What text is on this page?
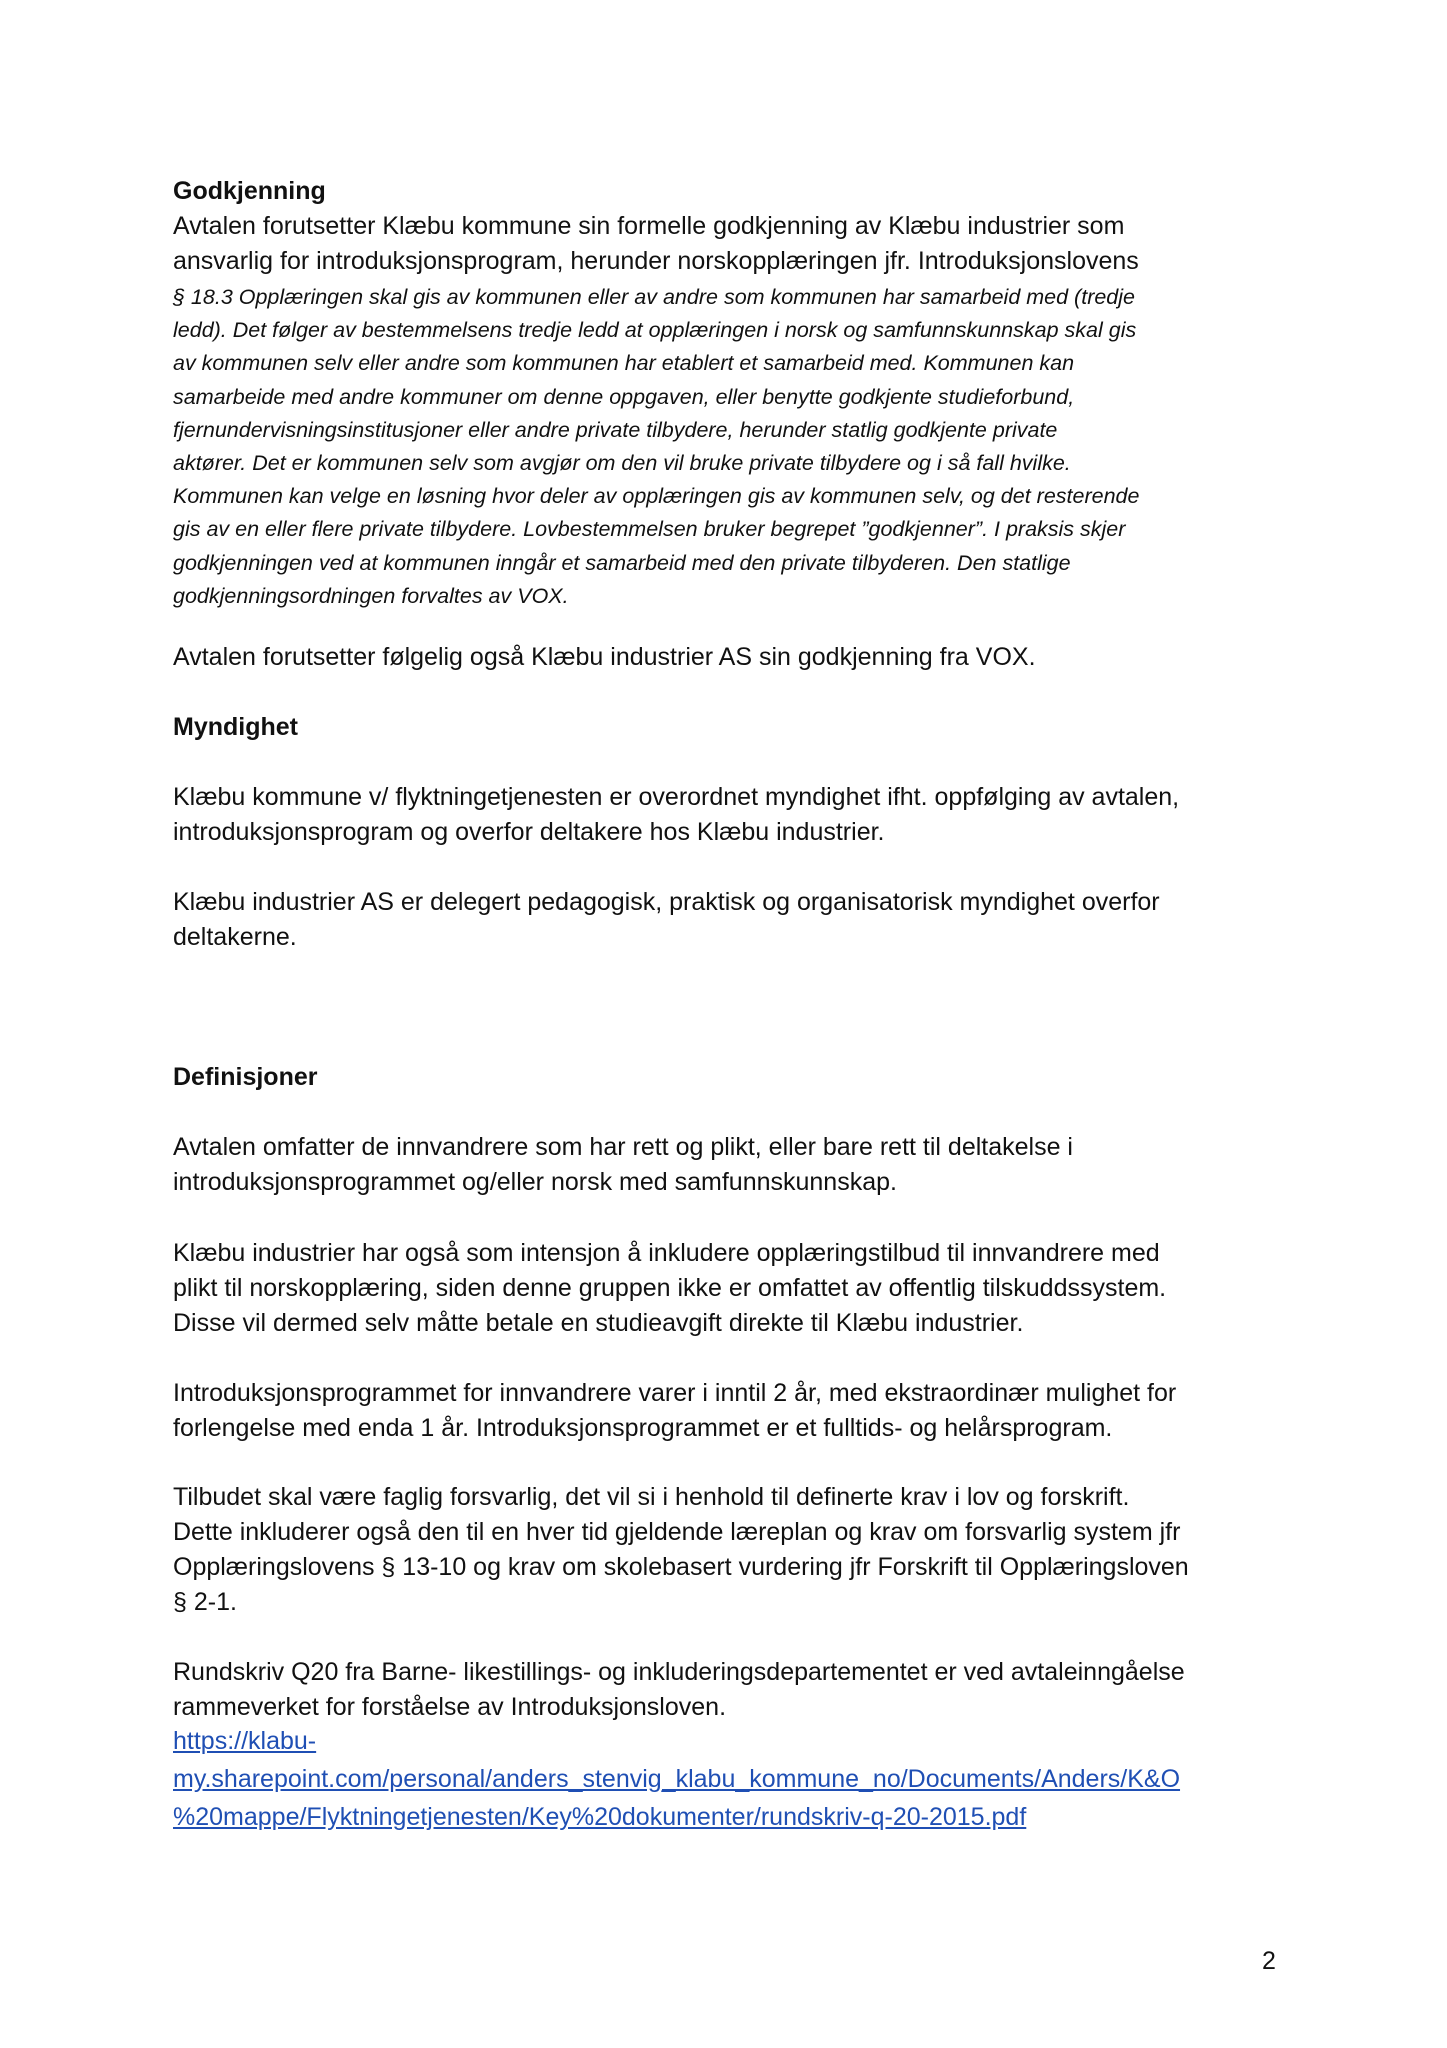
Godkjenning
Avtalen forutsetter Klæbu kommune sin formelle godkjenning av Klæbu industrier som
ansvarlig for introduksjonsprogram, herunder norskopplæringen jfr. Introduksjonslovens
§ 18.3 Opplæringen skal gis av kommunen eller av andre som kommunen har samarbeid med (tredje
ledd). Det følger av bestemmelsens tredje ledd at opplæringen i norsk og samfunnskunnskap skal gis
av kommunen selv eller andre som kommunen har etablert et samarbeid med. Kommunen kan
samarbeide med andre kommuner om denne oppgaven, eller benytte godkjente studieforbund,
fjernundervisningsinstitusjoner eller andre private tilbydere, herunder statlig godkjente private
aktører. Det er kommunen selv som avgjør om den vil bruke private tilbydere og i så fall hvilke.
Kommunen kan velge en løsning hvor deler av opplæringen gis av kommunen selv, og det resterende
gis av en eller flere private tilbydere. Lovbestemmelsen bruker begrepet ”godkjenner”. I praksis skjer
godkjenningen ved at kommunen inngår et samarbeid med den private tilbyderen. Den statlige
godkjenningsordningen forvaltes av VOX.
Avtalen forutsetter følgelig også Klæbu industrier AS sin godkjenning fra VOX.
Myndighet
Klæbu kommune v/ flyktningetjenesten er overordnet myndighet ifht. oppfølging av avtalen,
introduksjonsprogram og overfor deltakere hos Klæbu industrier.
Klæbu industrier AS er delegert pedagogisk, praktisk og organisatorisk myndighet overfor
deltakerne.
Definisjoner
Avtalen omfatter de innvandrere som har rett og plikt, eller bare rett til deltakelse i
introduksjonsprogrammet og/eller norsk med samfunnskunnskap.
Klæbu industrier har også som intensjon å inkludere opplæringstilbud til innvandrere med
plikt til norskopplæring, siden denne gruppen ikke er omfattet av offentlig tilskuddssystem.
Disse vil dermed selv måtte betale en studieavgift direkte til Klæbu industrier.
Introduksjonsprogrammet for innvandrere varer i inntil 2 år, med ekstraordinær mulighet for
forlengelse med enda 1 år. Introduksjonsprogrammet er et fulltids- og helårsprogram.
Tilbudet skal være faglig forsvarlig, det vil si i henhold til definerte krav i lov og forskrift.
Dette inkluderer også den til en hver tid gjeldende læreplan og krav om forsvarlig system jfr
Opplæringslovens § 13-10 og krav om skolebasert vurdering jfr Forskrift til Opplæringsloven
§ 2-1.
Rundskriv Q20 fra Barne- likestillings- og inkluderingsdepartementet er ved avtaleinngåelse
rammeverket for forståelse av Introduksjonsloven.
https://klabu-
my.sharepoint.com/personal/anders_stenvig_klabu_kommune_no/Documents/Anders/K&O
%20mappe/Flyktningetjenesten/Key%20dokumenter/rundskriv-q-20-2015.pdf
2
